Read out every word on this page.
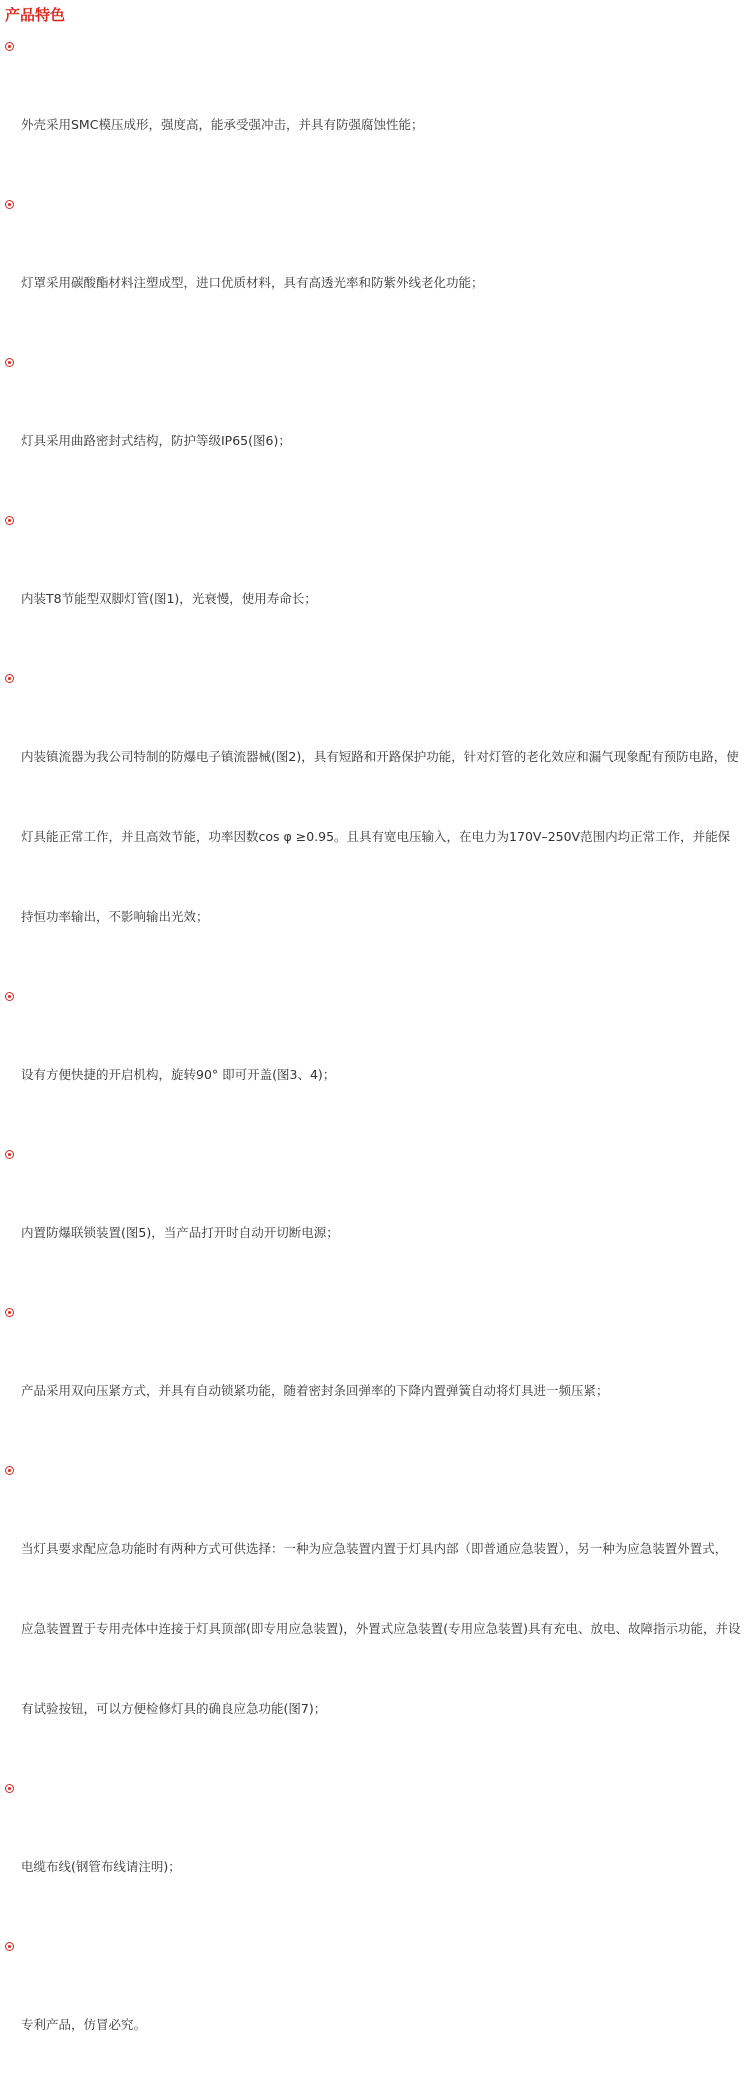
产品特色

外壳采用SMC模压成形，强度高，能承受强冲击，并具有防强腐蚀性能；

灯罩采用碳酸酯材料注塑成型，进口优质材料，具有高透光率和防紫外线老化功能；

灯具采用曲路密封式结构，防护等级IP65(图6)；

内装T8节能型双脚灯管(图1)，光衰慢，使用寿命长；

内装镇流器为我公司特制的防爆电子镇流器械(图2)，具有短路和开路保护功能，针对灯管的老化效应和漏气现象配有预防电路，使

灯具能正常工作，并且高效节能，功率因数cos φ ≥0.95。且具有宽电压输入，在电力为170V–250V范围内均正常工作，并能保

持恒功率输出，不影响输出光效；

设有方便快捷的开启机构，旋转90° 即可开盖(图3、4)；

内置防爆联锁装置(图5)，当产品打开时自动开切断电源；

产品采用双向压紧方式，并具有自动锁紧功能，随着密封条回弹率的下降内置弹簧自动将灯具进一频压紧；

当灯具要求配应急功能时有两种方式可供选择：一种为应急装置内置于灯具内部（即普通应急装置），另一种为应急装置外置式，

应急装置置于专用壳体中连接于灯具顶部(即专用应急装置)，外置式应急装置(专用应急装置)具有充电、放电、故障指示功能，并设

有试验按钮，可以方便检修灯具的确良应急功能(图7)；

电缆布线(钢管布线请注明)；

专利产品，仿冒必究。
